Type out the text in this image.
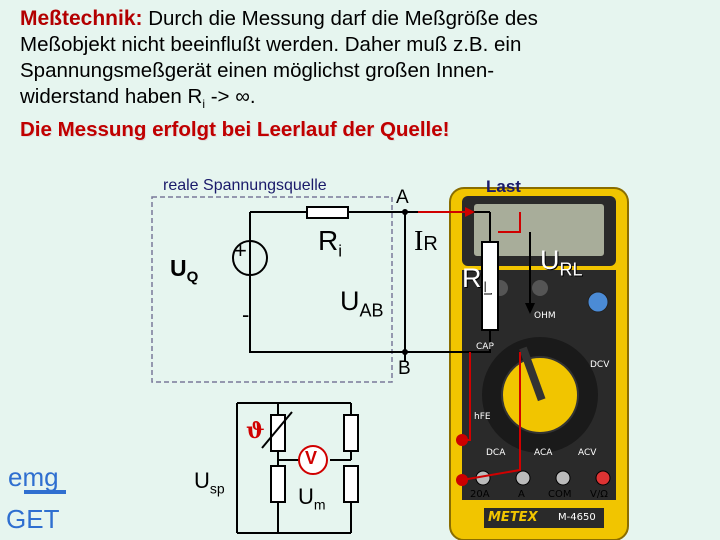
Meßtechnik: Durch die Messung darf die Meßgröße des
Meßobjekt nicht beeinflußt werden. Daher muß z.B. ein
Spannungsmeßgerät einen möglichst großen Innen-
widerstand haben $R_i$ -> ∞.
Die Messung erfolgt bei Leerlauf der Quelle!
reale Spannungsquelle
A
B
Last
$U_Q$
+
-
$R_i$	IR
$U_{AB}$
$R_L$
$U_{RL}$
ϑ
$U_{sp}$
V
$U_m$
emg
GET
CAP
DCA	ACA	ACV
DCV
OHM
hFE
20A	A COM V/Ω
METEX M-4650
